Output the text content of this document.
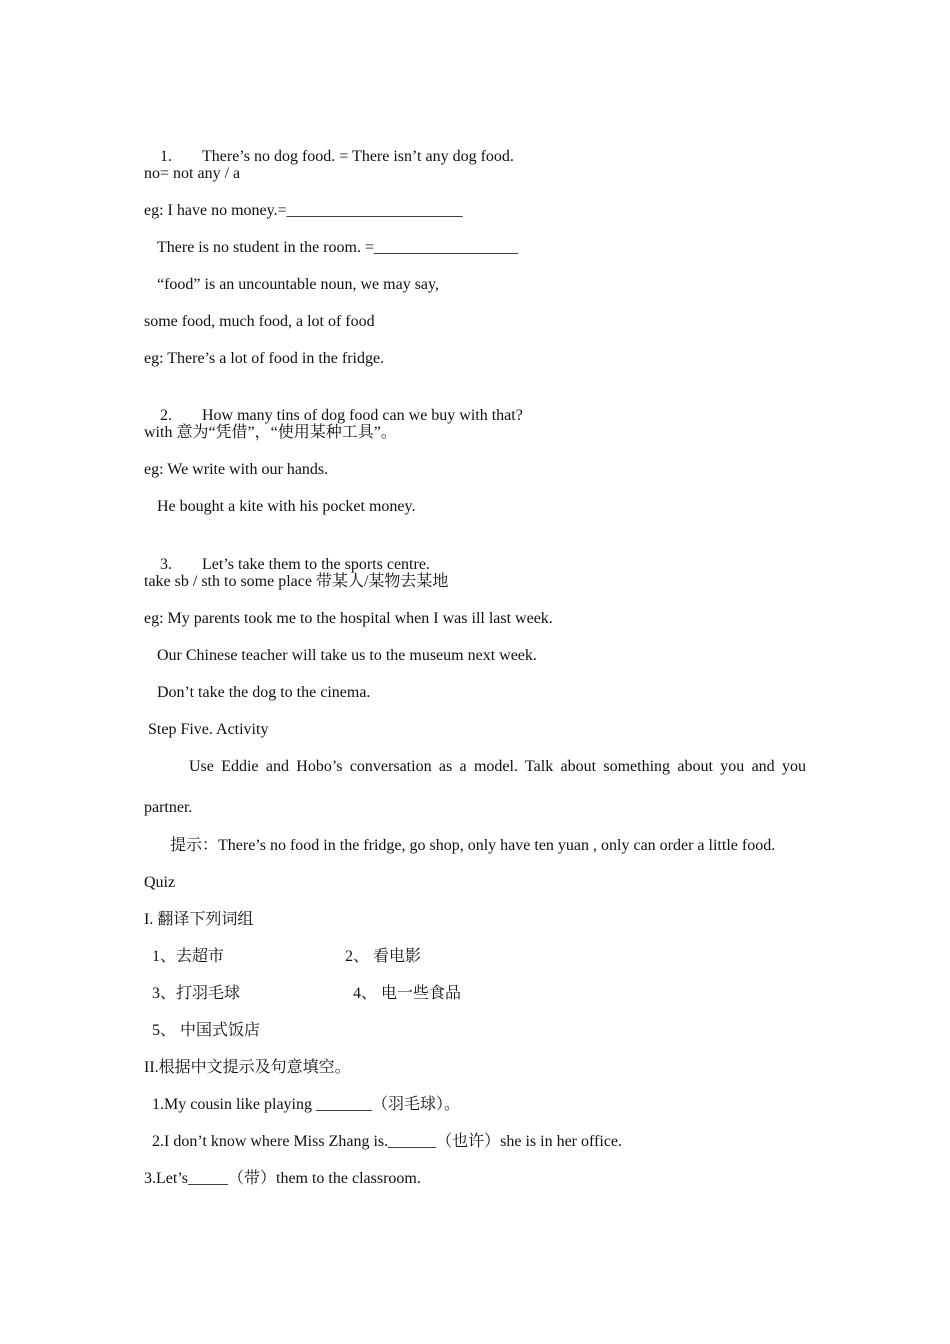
1. There’s no dog food. = There isn’t any dog food.

no= not any / a
eg: I have no money.=______________________
There is no student in the room. =__________________
“food” is an uncountable noun, we may say,
some food, much food, a lot of food
eg: There’s a lot of food in the fridge.

2. How many tins of dog food can we buy with that?

with 意为“凭借”，“使用某种工具”。
eg: We write with our hands.
He bought a kite with his pocket money.

3. Let’s take them to the sports centre.

take sb / sth to some place 带某人/某物去某地
eg: My parents took me to the hospital when I was ill last week.
Our Chinese teacher will take us to the museum next week.
Don’t take the dog to the cinema.
Step Five. Activity
Use Eddie and Hobo’s conversation as a model. Talk about something about you and you
partner.
提示：There’s no food in the fridge, go shop, only have ten yuan , only can order a little food.
Quiz
I. 翻译下列词组
1、去超市	2、 看电影
3、打羽毛球	4、 电一些食品
5、 中国式饭店
II.根据中文提示及句意填空。
1.My cousin like playing _______（羽毛球）。
2.I don’t know where Miss Zhang is.______（也许）she is in her office.
3.Let’s_____（带）them to the classroom.
